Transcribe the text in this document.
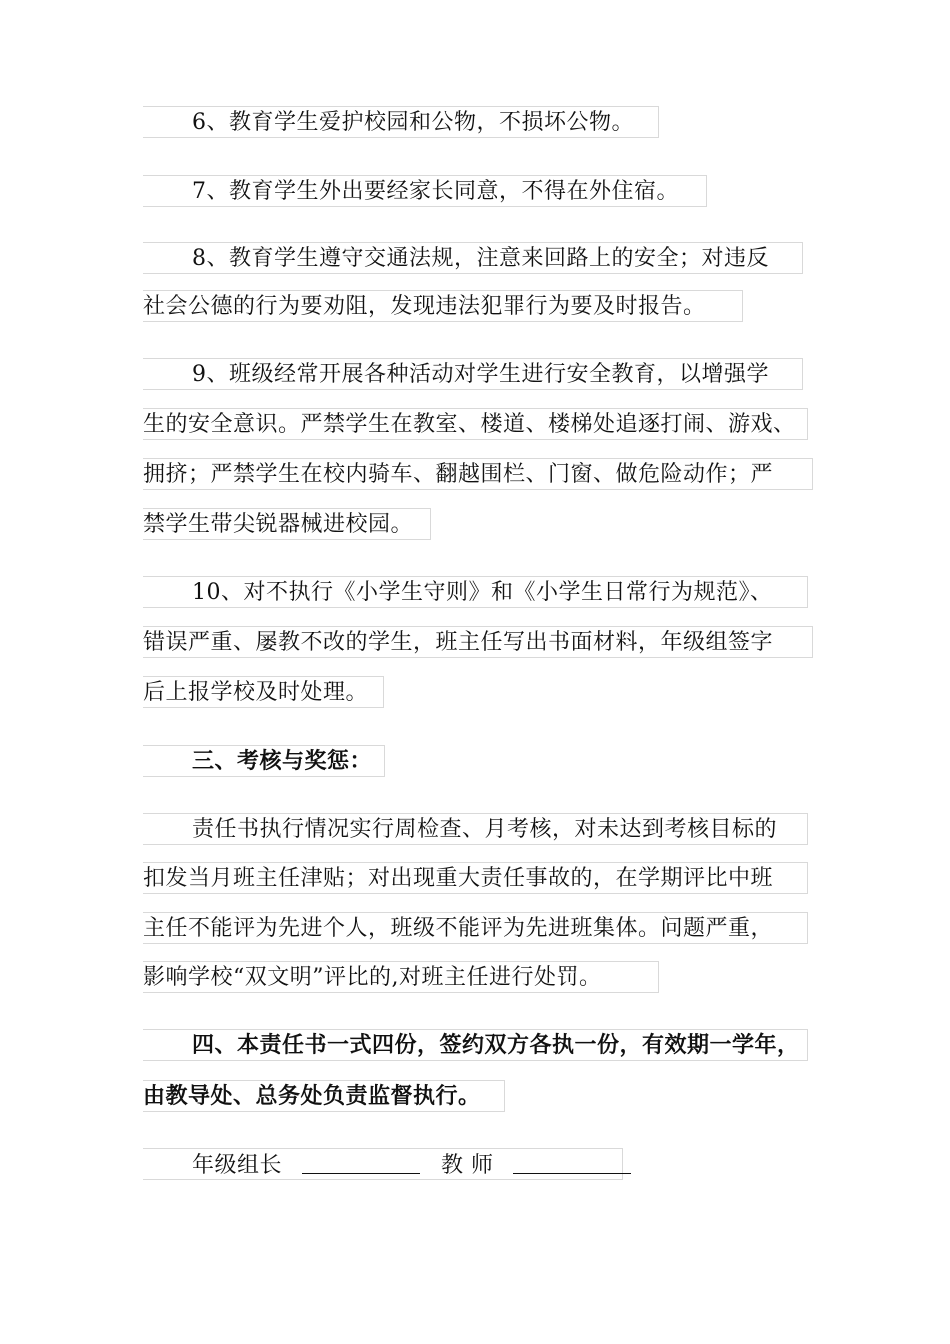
6、教育学生爱护校园和公物，不损坏公物。
7、教育学生外出要经家长同意，不得在外住宿。
8、教育学生遵守交通法规，注意来回路上的安全；对违反
社会公德的行为要劝阻，发现违法犯罪行为要及时报告。
9、班级经常开展各种活动对学生进行安全教育，以增强学
生的安全意识。严禁学生在教室、楼道、楼梯处追逐打闹、游戏、
拥挤；严禁学生在校内骑车、翻越围栏、门窗、做危险动作；严
禁学生带尖锐器械进校园。
10、对不执行《小学生守则》和《小学生日常行为规范》、
错误严重、屡教不改的学生，班主任写出书面材料，年级组签字
后上报学校及时处理。
三、考核与奖惩：
责任书执行情况实行周检查、月考核，对未达到考核目标的
扣发当月班主任津贴；对出现重大责任事故的，在学期评比中班
主任不能评为先进个人，班级不能评为先进班集体。问题严重，
影响学校“双文明”评比的,对班主任进行处罚。
四、本责任书一式四份，签约双方各执一份，有效期一学年，
由教导处、总务处负责监督执行。
年级组长	教 师
